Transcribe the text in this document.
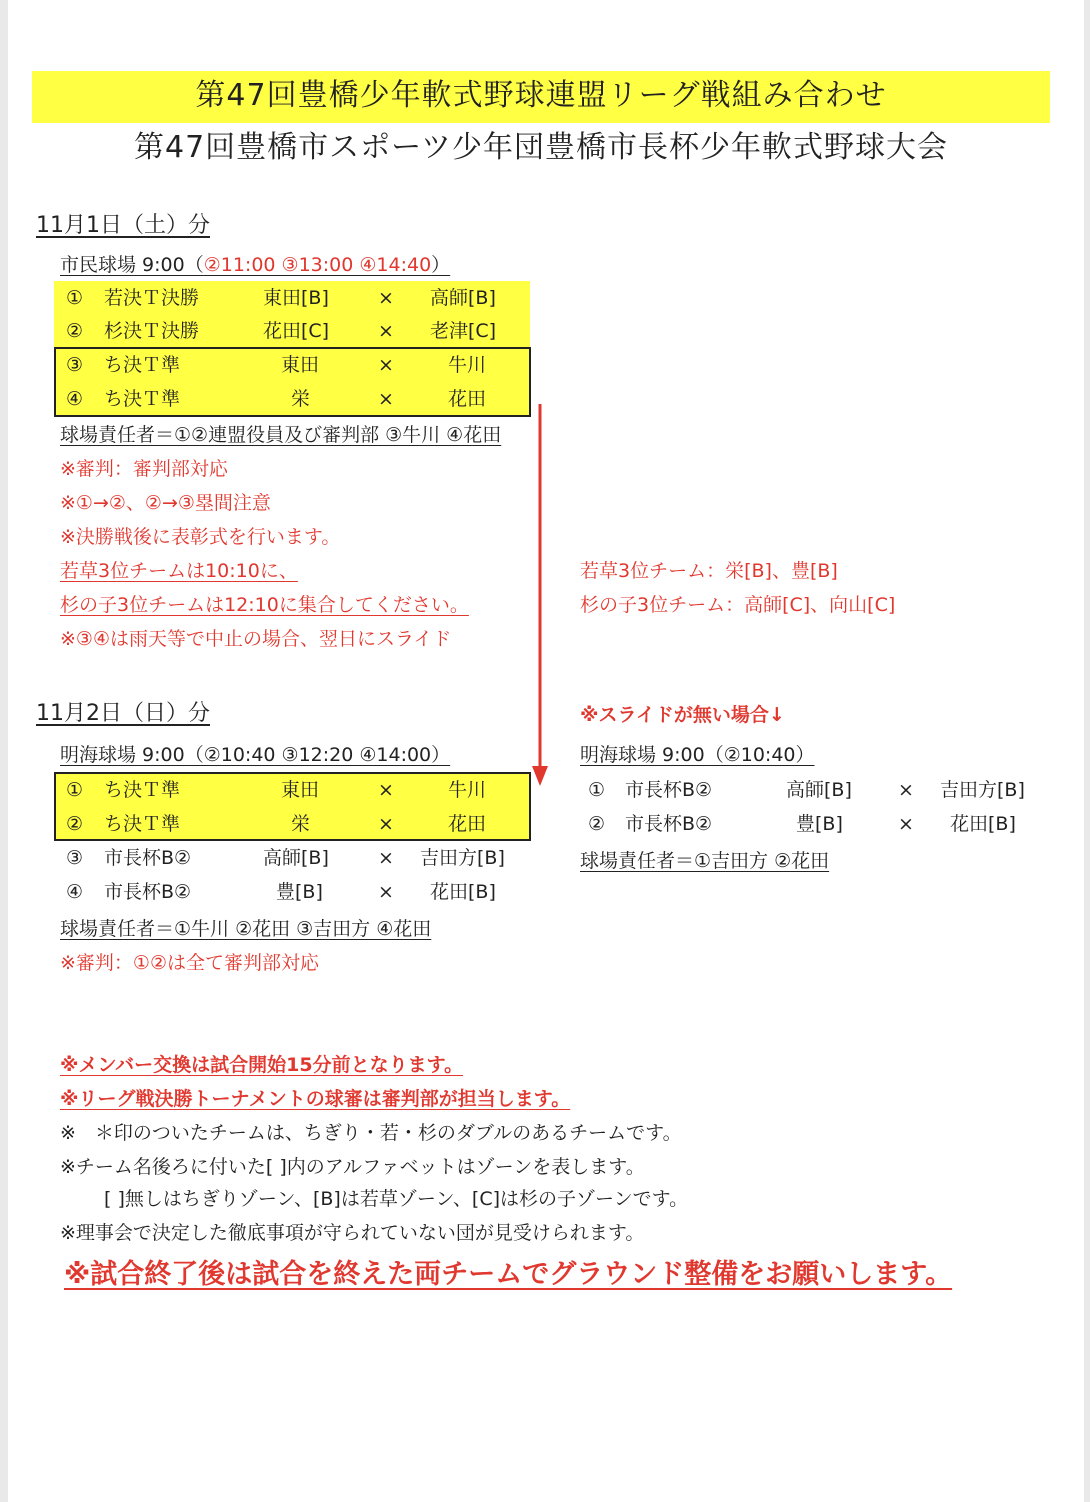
第47回豊橋少年軟式野球連盟リーグ戦組み合わせ
第47回豊橋市スポーツ少年団豊橋市長杯少年軟式野球大会
11月1日（土）分
市民球場 9:00（②11:00 ③13:00 ④14:40）
① 若決Ｔ決勝	東田[B]	× 高師[B]
② 杉決Ｔ決勝	花田[C]	× 老津[C]
③ ち決Ｔ準	東田	×	牛川
④ ち決Ｔ準	栄	×	花田
球場責任者＝①②連盟役員及び審判部 ③牛川 ④花田
※審判：審判部対応
※①→②、②→③塁間注意
※決勝戦後に表彰式を行います。
若草3位チームは10:10に、
杉の子3位チームは12:10に集合してください。
※③④は雨天等で中止の場合、翌日にスライド
若草3位チーム：栄[B]、豊[B]
杉の子3位チーム：高師[C]、向山[C]
11月2日（日）分
明海球場 9:00（②10:40 ③12:20 ④14:00）
① ち決Ｔ準	東田	×	牛川
② ち決Ｔ準	栄	×	花田
③ 市長杯B②	高師[B]	× 吉田方[B]
④ 市長杯B②	豊[B]	× 花田[B]
球場責任者＝①牛川 ②花田 ③吉田方 ④花田
※審判：①②は全て審判部対応
※スライドが無い場合↓
明海球場 9:00（②10:40）
① 市長杯B②	高師[B] × 吉田方[B]
② 市長杯B②	豊[B]	× 花田[B]
球場責任者＝①吉田方 ②花田
※メンバー交換は試合開始15分前となります。
※リーグ戦決勝トーナメントの球審は審判部が担当します。
※　＊印のついたチームは、ちぎり・若・杉のダブルのあるチームです。
※チーム名後ろに付いた[ ]内のアルファベットはゾーンを表します。
[ ]無しはちぎりゾーン、[B]は若草ゾーン、[C]は杉の子ゾーンです。
※理事会で決定した徹底事項が守られていない団が見受けられます。
※試合終了後は試合を終えた両チームでグラウンド整備をお願いします。
